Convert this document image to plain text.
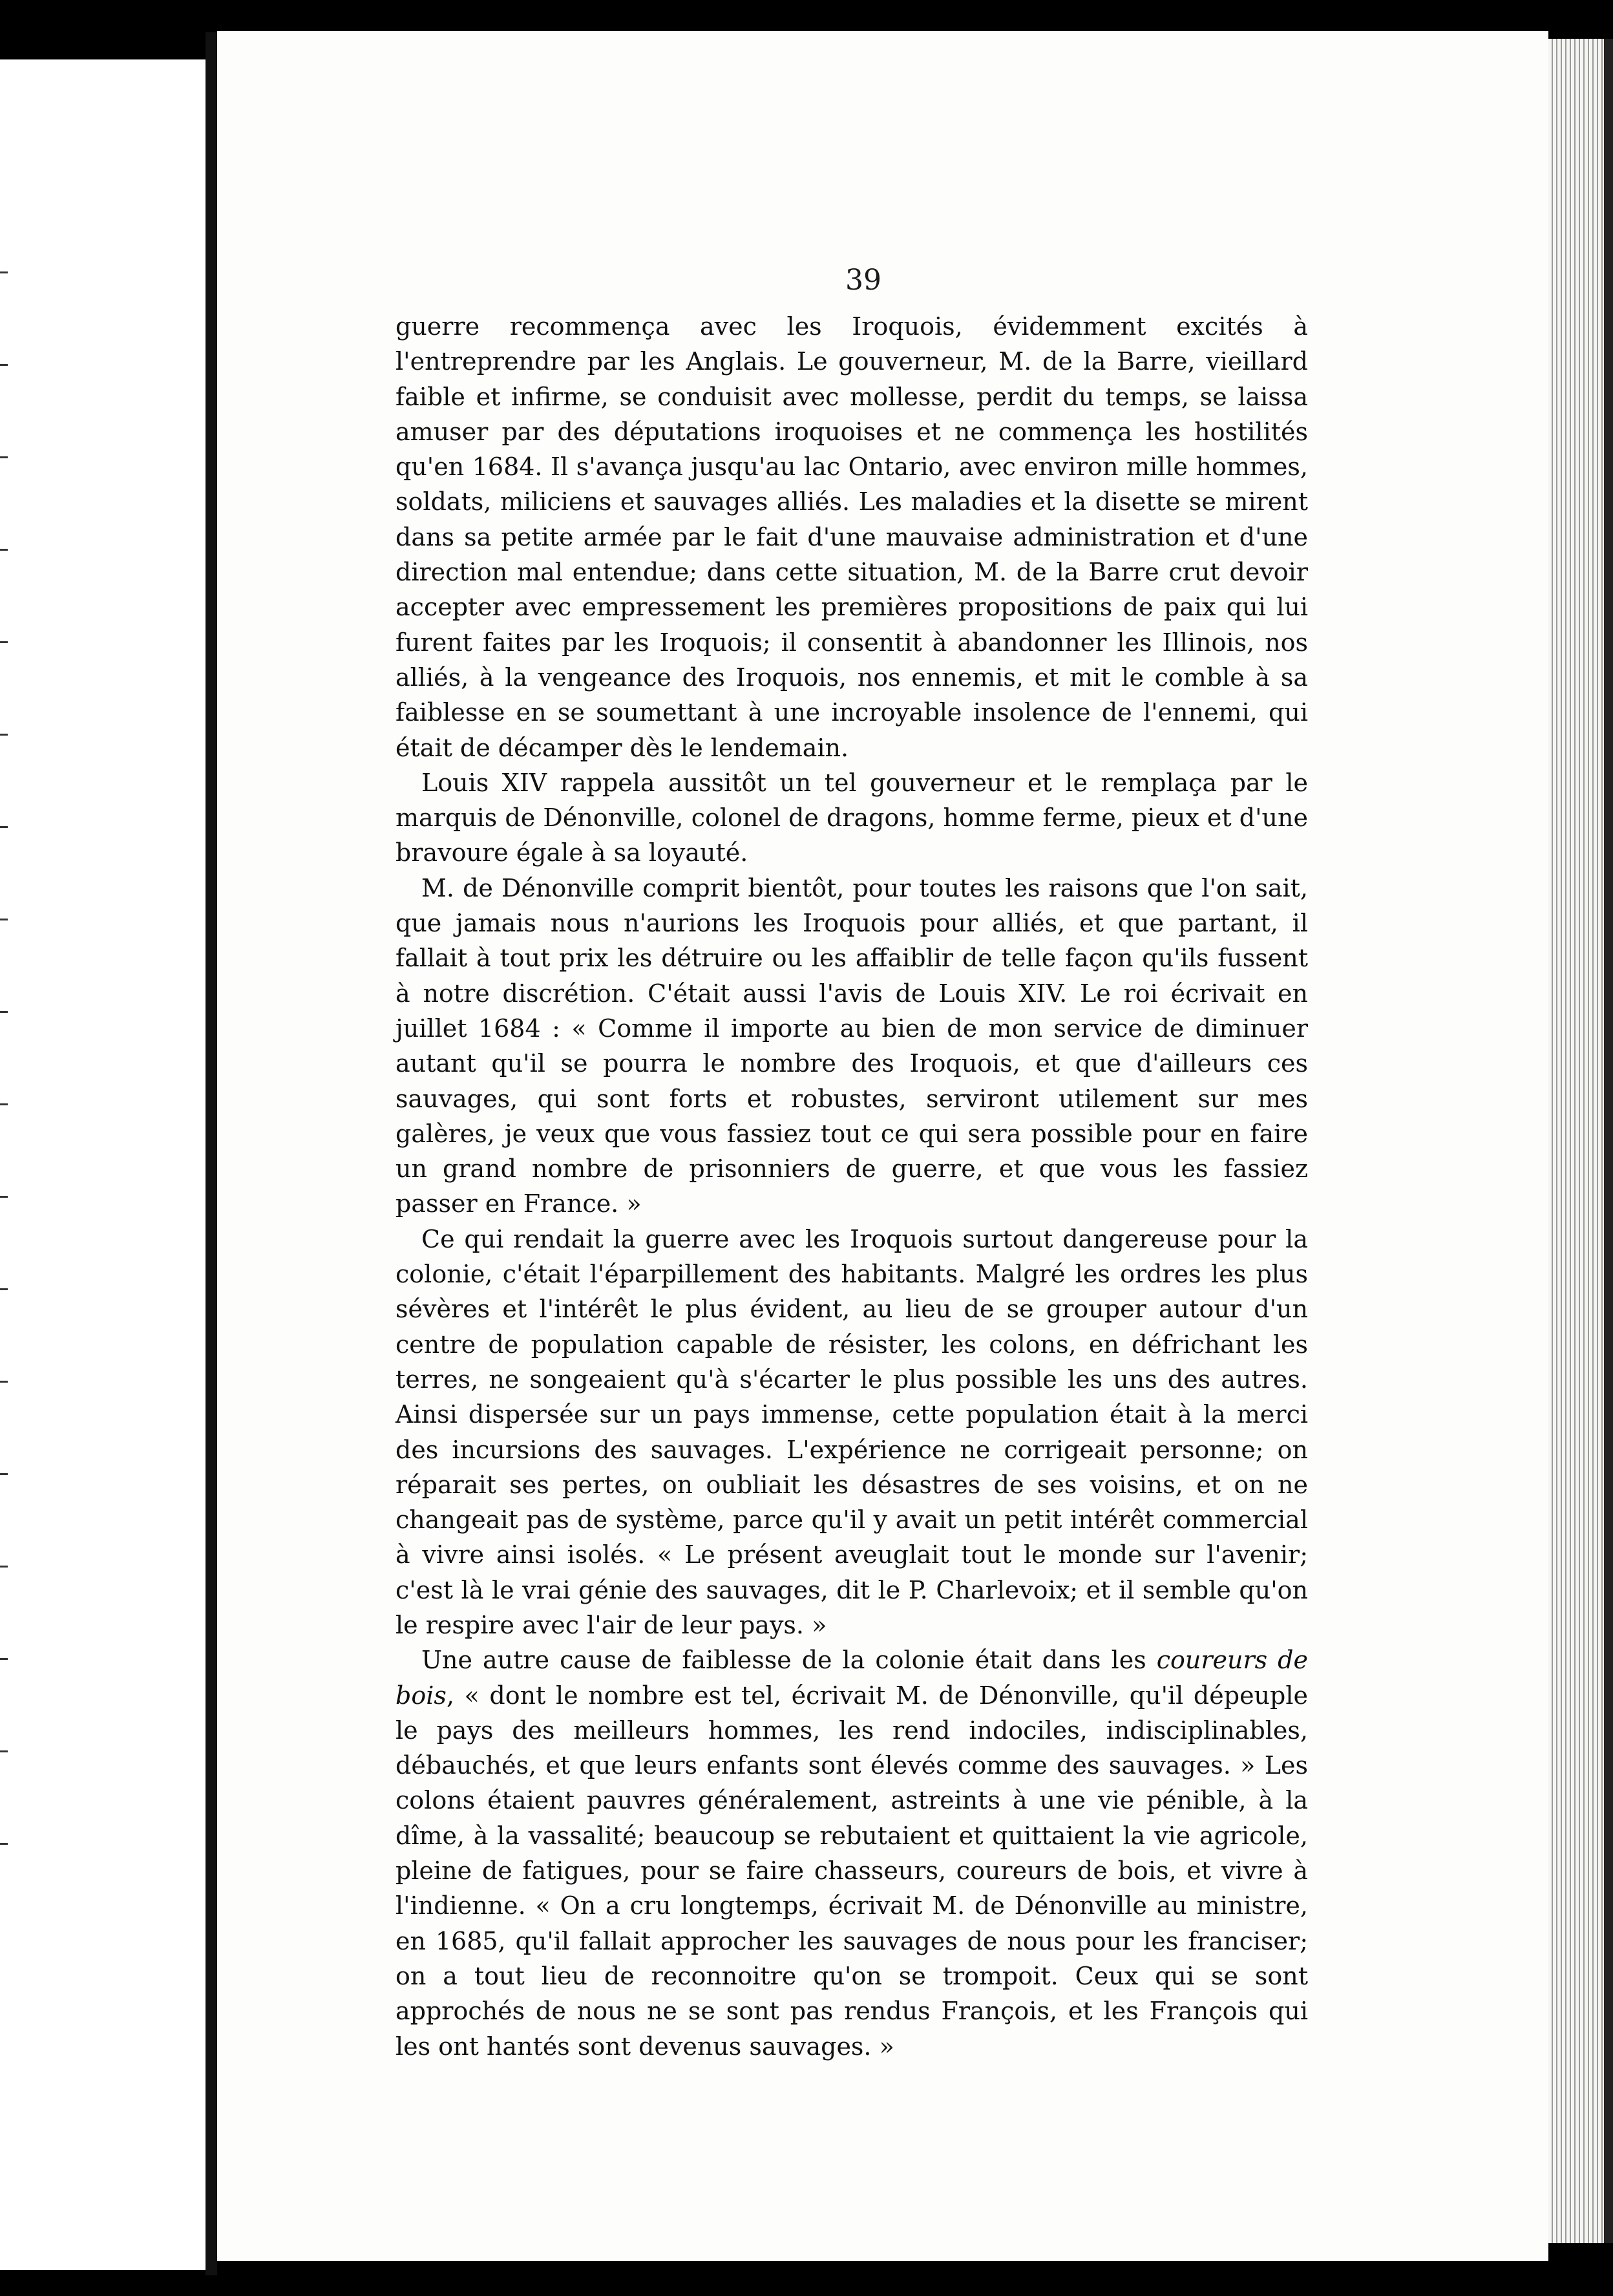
39

guerre recommença avec les Iroquois, évidemment excités à l'entreprendre par les Anglais. Le gouverneur, M. de la Barre, vieillard faible et infirme, se conduisit avec mollesse, perdit du temps, se laissa amuser par des députations iroquoises et ne commença les hostilités qu'en 1684. Il s'avança jusqu'au lac Ontario, avec environ mille hommes, soldats, miliciens et sauvages alliés. Les maladies et la disette se mirent dans sa petite armée par le fait d'une mauvaise administration et d'une direction mal entendue; dans cette situation, M. de la Barre crut devoir accepter avec empressement les premières propositions de paix qui lui furent faites par les Iroquois; il consentit à abandonner les Illinois, nos alliés, à la vengeance des Iroquois, nos ennemis, et mit le comble à sa faiblesse en se soumettant à une incroyable insolence de l'ennemi, qui était de décamper dès le lendemain.

Louis XIV rappela aussitôt un tel gouverneur et le remplaça par le marquis de Dénonville, colonel de dragons, homme ferme, pieux et d'une bravoure égale à sa loyauté.

M. de Dénonville comprit bientôt, pour toutes les raisons que l'on sait, que jamais nous n'aurions les Iroquois pour alliés, et que partant, il fallait à tout prix les détruire ou les affaiblir de telle façon qu'ils fussent à notre discrétion. C'était aussi l'avis de Louis XIV. Le roi écrivait en juillet 1684 : « Comme il importe au bien de mon service de diminuer autant qu'il se pourra le nombre des Iroquois, et que d'ailleurs ces sauvages, qui sont forts et robustes, serviront utilement sur mes galères, je veux que vous fassiez tout ce qui sera possible pour en faire un grand nombre de prisonniers de guerre, et que vous les fassiez passer en France. »

Ce qui rendait la guerre avec les Iroquois surtout dangereuse pour la colonie, c'était l'éparpillement des habitants. Malgré les ordres les plus sévères et l'intérêt le plus évident, au lieu de se grouper autour d'un centre de population capable de résister, les colons, en défrichant les terres, ne songeaient qu'à s'écarter le plus possible les uns des autres. Ainsi dispersée sur un pays immense, cette population était à la merci des incursions des sauvages. L'expérience ne corrigeait personne; on réparait ses pertes, on oubliait les désastres de ses voisins, et on ne changeait pas de système, parce qu'il y avait un petit intérêt commercial à vivre ainsi isolés. « Le présent aveuglait tout le monde sur l'avenir; c'est là le vrai génie des sauvages, dit le P. Charlevoix; et il semble qu'on le respire avec l'air de leur pays. »

Une autre cause de faiblesse de la colonie était dans les coureurs de bois, « dont le nombre est tel, écrivait M. de Dénonville, qu'il dépeuple le pays des meilleurs hommes, les rend indociles, indisciplinables, débauchés, et que leurs enfants sont élevés comme des sauvages. » Les colons étaient pauvres généralement, astreints à une vie pénible, à la dîme, à la vassalité; beaucoup se rebutaient et quittaient la vie agricole, pleine de fatigues, pour se faire chasseurs, coureurs de bois, et vivre à l'indienne. « On a cru longtemps, écrivait M. de Dénonville au ministre, en 1685, qu'il fallait approcher les sauvages de nous pour les franciser; on a tout lieu de reconnoitre qu'on se trompoit. Ceux qui se sont approchés de nous ne se sont pas rendus François, et les François qui les ont hantés sont devenus sauvages. »
